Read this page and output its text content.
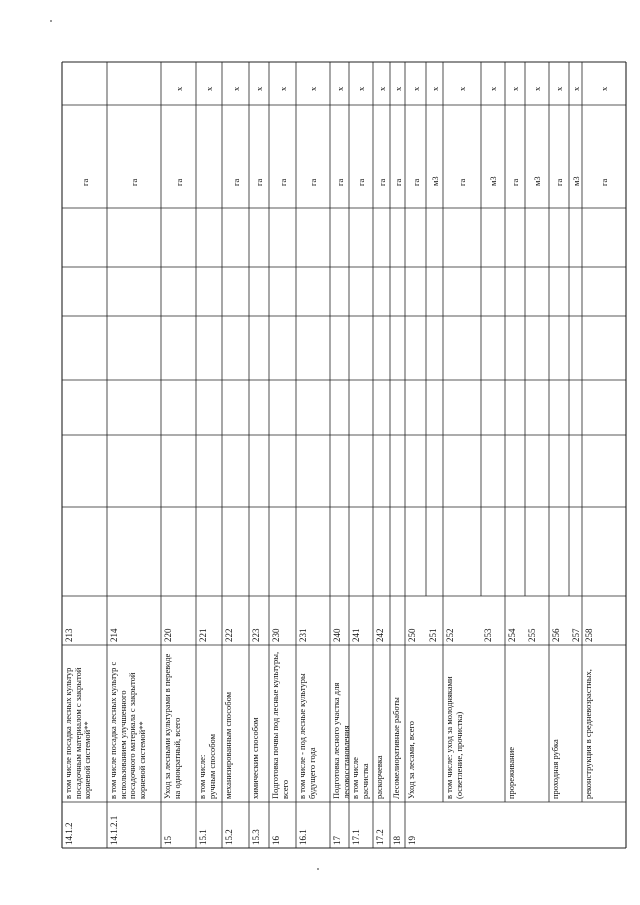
14.1.2
в том числе посадка лесных культур посадочным материалом с закрытой корневой системой**
213
га
14.1.2.1
в том числе посадка лесных культур с использованием улучшенного посадочного материала с закрытой корневой системой**
214
га
15
Уход за лесными культурами в переводе на однократный, всего
220
га
х
15.1
в том числе:
ручным способом
221
х
15.2
механизированным способом
222
га
х
15.3
химическим способом
223
га
х
16
Подготовка почвы под лесные культуры, всего
230
га
х
16.1
в том числе - под лесные культуры будущего года
231
га
х
17
Подготовка лесного участка для лесовосстановления
240
га
х
17.1
в том числе
расчистка
241
га
х
17.2
раскорчевка
242
га
х
18
Лесомелиоративные работы
га
х
19
Уход за лесами, всего
250
га
х
251
м3
х
в том числе: уход за молодняками (осветление, прочистка)
252
га
х
253
м3
х
прореживание
254
га
х
255
м3
х
проходная рубка
256
га
х
257
м3
х
реконструкция в средневозрастных,
258
га
х
